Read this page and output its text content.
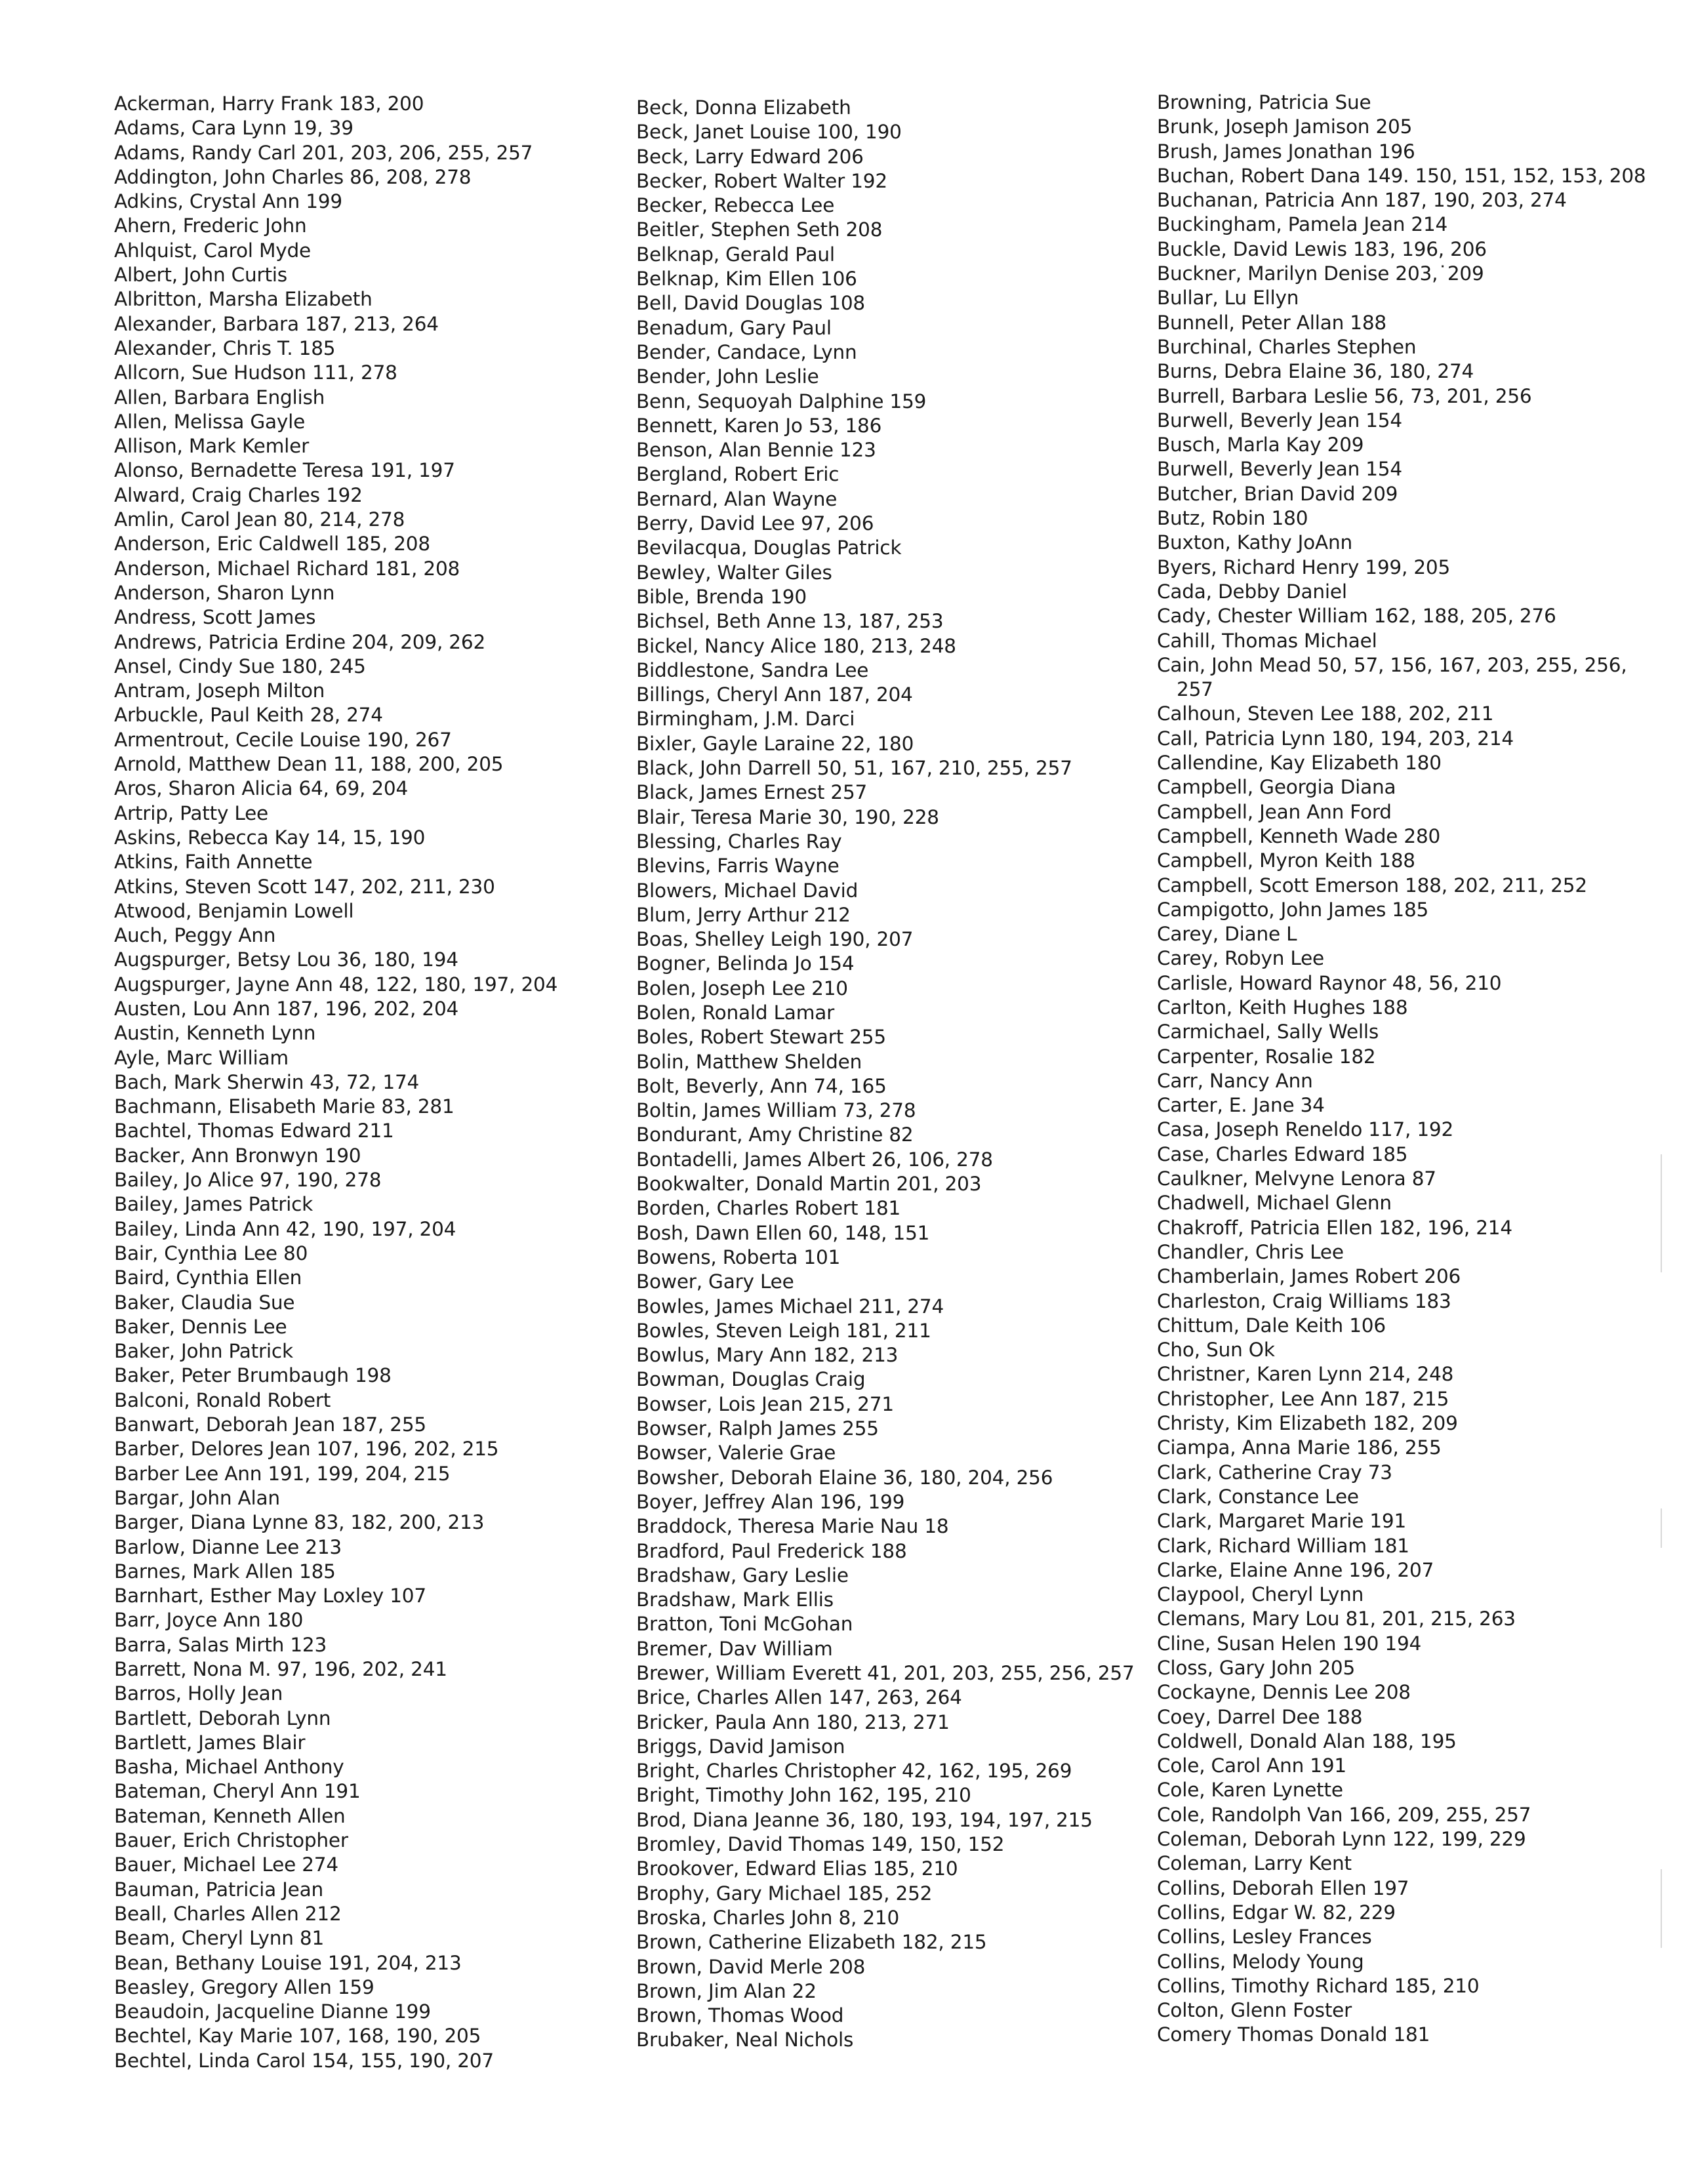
Ackerman, Harry Frank 183, 200
Adams, Cara Lynn 19, 39
Adams, Randy Carl 201, 203, 206, 255, 257
Addington, John Charles 86, 208, 278
Adkins, Crystal Ann 199
Ahern, Frederic John
Ahlquist, Carol Myde
Albert, John Curtis
Albritton, Marsha Elizabeth
Alexander, Barbara 187, 213, 264
Alexander, Chris T. 185
Allcorn, Sue Hudson 111, 278
Allen, Barbara English
Allen, Melissa Gayle
Allison, Mark Kemler
Alonso, Bernadette Teresa 191, 197
Alward, Craig Charles 192
Amlin, Carol Jean 80, 214, 278
Anderson, Eric Caldwell 185, 208
Anderson, Michael Richard 181, 208
Anderson, Sharon Lynn
Andress, Scott James
Andrews, Patricia Erdine 204, 209, 262
Ansel, Cindy Sue 180, 245
Antram, Joseph Milton
Arbuckle, Paul Keith 28, 274
Armentrout, Cecile Louise 190, 267
Arnold, Matthew Dean 11, 188, 200, 205
Aros, Sharon Alicia 64, 69, 204
Artrip, Patty Lee
Askins, Rebecca Kay 14, 15, 190
Atkins, Faith Annette
Atkins, Steven Scott 147, 202, 211, 230
Atwood, Benjamin Lowell
Auch, Peggy Ann
Augspurger, Betsy Lou 36, 180, 194
Augspurger, Jayne Ann 48, 122, 180, 197, 204
Austen, Lou Ann 187, 196, 202, 204
Austin, Kenneth Lynn
Ayle, Marc William
Bach, Mark Sherwin 43, 72, 174
Bachmann, Elisabeth Marie 83, 281
Bachtel, Thomas Edward 211
Backer, Ann Bronwyn 190
Bailey, Jo Alice 97, 190, 278
Bailey, James Patrick
Bailey, Linda Ann 42, 190, 197, 204
Bair, Cynthia Lee 80
Baird, Cynthia Ellen
Baker, Claudia Sue
Baker, Dennis Lee
Baker, John Patrick
Baker, Peter Brumbaugh 198
Balconi, Ronald Robert
Banwart, Deborah Jean 187, 255
Barber, Delores Jean 107, 196, 202, 215
Barber Lee Ann 191, 199, 204, 215
Bargar, John Alan
Barger, Diana Lynne 83, 182, 200, 213
Barlow, Dianne Lee 213
Barnes, Mark Allen 185
Barnhart, Esther May Loxley 107
Barr, Joyce Ann 180
Barra, Salas Mirth 123
Barrett, Nona M. 97, 196, 202, 241
Barros, Holly Jean
Bartlett, Deborah Lynn
Bartlett, James Blair
Basha, Michael Anthony
Bateman, Cheryl Ann 191
Bateman, Kenneth Allen
Bauer, Erich Christopher
Bauer, Michael Lee 274
Bauman, Patricia Jean
Beall, Charles Allen 212
Beam, Cheryl Lynn 81
Bean, Bethany Louise 191, 204, 213
Beasley, Gregory Allen 159
Beaudoin, Jacqueline Dianne 199
Bechtel, Kay Marie 107, 168, 190, 205
Bechtel, Linda Carol 154, 155, 190, 207
Beck, Donna Elizabeth
Beck, Janet Louise 100, 190
Beck, Larry Edward 206
Becker, Robert Walter 192
Becker, Rebecca Lee
Beitler, Stephen Seth 208
Belknap, Gerald Paul
Belknap, Kim Ellen 106
Bell, David Douglas 108
Benadum, Gary Paul
Bender, Candace, Lynn
Bender, John Leslie
Benn, Sequoyah Dalphine 159
Bennett, Karen Jo 53, 186
Benson, Alan Bennie 123
Bergland, Robert Eric
Bernard, Alan Wayne
Berry, David Lee 97, 206
Bevilacqua, Douglas Patrick
Bewley, Walter Giles
Bible, Brenda 190
Bichsel, Beth Anne 13, 187, 253
Bickel, Nancy Alice 180, 213, 248
Biddlestone, Sandra Lee
Billings, Cheryl Ann 187, 204
Birmingham, J.M. Darci
Bixler, Gayle Laraine 22, 180
Black, John Darrell 50, 51, 167, 210, 255, 257
Black, James Ernest 257
Blair, Teresa Marie 30, 190, 228
Blessing, Charles Ray
Blevins, Farris Wayne
Blowers, Michael David
Blum, Jerry Arthur 212
Boas, Shelley Leigh 190, 207
Bogner, Belinda Jo 154
Bolen, Joseph Lee 210
Bolen, Ronald Lamar
Boles, Robert Stewart 255
Bolin, Matthew Shelden
Bolt, Beverly, Ann 74, 165
Boltin, James William 73, 278
Bondurant, Amy Christine 82
Bontadelli, James Albert 26, 106, 278
Bookwalter, Donald Martin 201, 203
Borden, Charles Robert 181
Bosh, Dawn Ellen 60, 148, 151
Bowens, Roberta 101
Bower, Gary Lee
Bowles, James Michael 211, 274
Bowles, Steven Leigh 181, 211
Bowlus, Mary Ann 182, 213
Bowman, Douglas Craig
Bowser, Lois Jean 215, 271
Bowser, Ralph James 255
Bowser, Valerie Grae
Bowsher, Deborah Elaine 36, 180, 204, 256
Boyer, Jeffrey Alan 196, 199
Braddock, Theresa Marie Nau 18
Bradford, Paul Frederick 188
Bradshaw, Gary Leslie
Bradshaw, Mark Ellis
Bratton, Toni McGohan
Bremer, Dav William
Brewer, William Everett 41, 201, 203, 255, 256, 257
Brice, Charles Allen 147, 263, 264
Bricker, Paula Ann 180, 213, 271
Briggs, David Jamison
Bright, Charles Christopher 42, 162, 195, 269
Bright, Timothy John 162, 195, 210
Brod, Diana Jeanne 36, 180, 193, 194, 197, 215
Bromley, David Thomas 149, 150, 152
Brookover, Edward Elias 185, 210
Brophy, Gary Michael 185, 252
Broska, Charles John 8, 210
Brown, Catherine Elizabeth 182, 215
Brown, David Merle 208
Brown, Jim Alan 22
Brown, Thomas Wood
Brubaker, Neal Nichols
Browning, Patricia Sue
Brunk, Joseph Jamison 205
Brush, James Jonathan 196
Buchan, Robert Dana 149. 150, 151, 152, 153, 208
Buchanan, Patricia Ann 187, 190, 203, 274
Buckingham, Pamela Jean 214
Buckle, David Lewis 183, 196, 206
Buckner, Marilyn Denise 203,˙209
Bullar, Lu Ellyn
Bunnell, Peter Allan 188
Burchinal, Charles Stephen
Burns, Debra Elaine 36, 180, 274
Burrell, Barbara Leslie 56, 73, 201, 256
Burwell, Beverly Jean 154
Busch, Marla Kay 209
Burwell, Beverly Jean 154
Butcher, Brian David 209
Butz, Robin 180
Buxton, Kathy JoAnn
Byers, Richard Henry 199, 205
Cada, Debby Daniel
Cady, Chester William 162, 188, 205, 276
Cahill, Thomas Michael
Cain, John Mead 50, 57, 156, 167, 203, 255, 256, 257
Calhoun, Steven Lee 188, 202, 211
Call, Patricia Lynn 180, 194, 203, 214
Callendine, Kay Elizabeth 180
Campbell, Georgia Diana
Campbell, Jean Ann Ford
Campbell, Kenneth Wade 280
Campbell, Myron Keith 188
Campbell, Scott Emerson 188, 202, 211, 252
Campigotto, John James 185
Carey, Diane L
Carey, Robyn Lee
Carlisle, Howard Raynor 48, 56, 210
Carlton, Keith Hughes 188
Carmichael, Sally Wells
Carpenter, Rosalie 182
Carr, Nancy Ann
Carter, E. Jane 34
Casa, Joseph Reneldo 117, 192
Case, Charles Edward 185
Caulkner, Melvyne Lenora 87
Chadwell, Michael Glenn
Chakroff, Patricia Ellen 182, 196, 214
Chandler, Chris Lee
Chamberlain, James Robert 206
Charleston, Craig Williams 183
Chittum, Dale Keith 106
Cho, Sun Ok
Christner, Karen Lynn 214, 248
Christopher, Lee Ann 187, 215
Christy, Kim Elizabeth 182, 209
Ciampa, Anna Marie 186, 255
Clark, Catherine Cray 73
Clark, Constance Lee
Clark, Margaret Marie 191
Clark, Richard William 181
Clarke, Elaine Anne 196, 207
Claypool, Cheryl Lynn
Clemans, Mary Lou 81, 201, 215, 263
Cline, Susan Helen 190 194
Closs, Gary John 205
Cockayne, Dennis Lee 208
Coey, Darrel Dee 188
Coldwell, Donald Alan 188, 195
Cole, Carol Ann 191
Cole, Karen Lynette
Cole, Randolph Van 166, 209, 255, 257
Coleman, Deborah Lynn 122, 199, 229
Coleman, Larry Kent
Collins, Deborah Ellen 197
Collins, Edgar W. 82, 229
Collins, Lesley Frances
Collins, Melody Young
Collins, Timothy Richard 185, 210
Colton, Glenn Foster
Comery Thomas Donald 181
